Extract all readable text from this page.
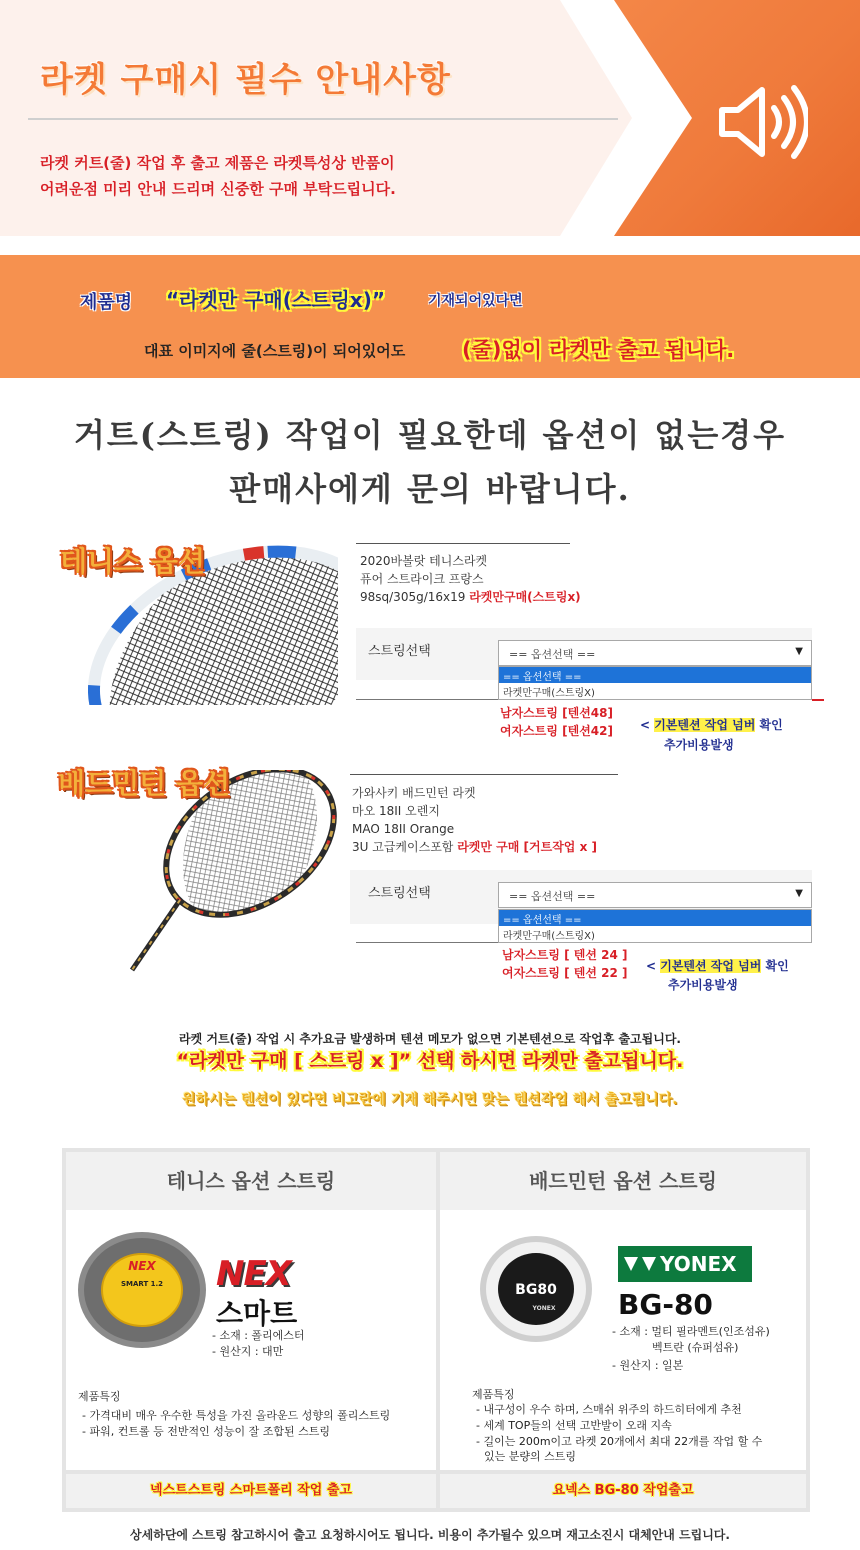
라켓 구매시 필수 안내사항
라켓 커트(줄) 작업 후 출고 제품은 라켓특성상 반품이
어려운점 미리 안내 드리며 신중한 구매 부탁드립니다.
제품명 “라켓만 구매(스트링x)”	기재되어있다면
대표 이미지에 줄(스트링)이 되어있어도	(줄)없이 라켓만 출고 됩니다.
거트(스트링) 작업이 필요한데 옵션이 없는경우
판매사에게 문의 바랍니다.
테니스 옵션	2020바볼랏 테니스라켓
퓨어 스트라이크 프랑스
98sq/305g/16x19 라켓만구매(스트링x)
스트링선택	== 옵션선택 ==	▼
== 옵션선택 ==
라켓만구매(스트링X)
남자스트링 [텐션48]
여자스트링 [텐션42] < 기본텐션 작업 넘버 확인
추가비용발생
배드민턴 옵션	가와사키 배드민턴 라켓
마오 18II 오렌지
MAO 18II Orange
3U 고급케이스포함 라켓만 구매 [거트작업 x ]
스트링선택	== 옵션선택 ==	▼
== 옵션선택 ==
라켓만구매(스트링X)
남자스트링 [ 텐션 24 ]
여자스트링 [ 텐션 22 ] < 기본텐션 작업 넘버 확인
추가비용발생
라켓 거트(줄) 작업 시 추가요금 발생하며 텐션 메모가 없으면 기본텐션으로 작업후 출고됩니다.
“라켓만 구매 [ 스트링 x ]” 선택 하시면 라켓만 출고됩니다.
원하시는 텐션이 있다면 비고란에 기재 해주시면 맞는 텐션작업 해서 출고됩니다.
테니스 옵션 스트링	배드민턴 옵션 스트링
NEX
SMART 1.2 NEX
스마트
- 소재 : 폴리에스터
- 원산지 : 대만
제품특징
- 가격대비 매우 우수한 특성을 가진 올라운드 성향의 폴리스트링
- 파워, 컨트롤 등 전반적인 성능이 잘 조합된 스트링
넥스트스트링 스마트폴리 작업 출고
BG80
YONEX
YONEX
BG-80
- 소재 : 멀티 필라멘트(인조섬유)
벡트란 (슈퍼섬유)
- 원산지 : 일본
제품특징
- 내구성이 우수 하며, 스매쉬 위주의 하드히터에게 추천
- 세계 TOP들의 선택 고반발이 오래 지속
- 길이는 200m이고 라켓 20개에서 최대 22개를 작업 할 수
있는 분량의 스트링
요넥스 BG-80 작업출고
상세하단에 스트링 참고하시어 출고 요청하시어도 됩니다. 비용이 추가될수 있으며 재고소진시 대체안내 드립니다.
